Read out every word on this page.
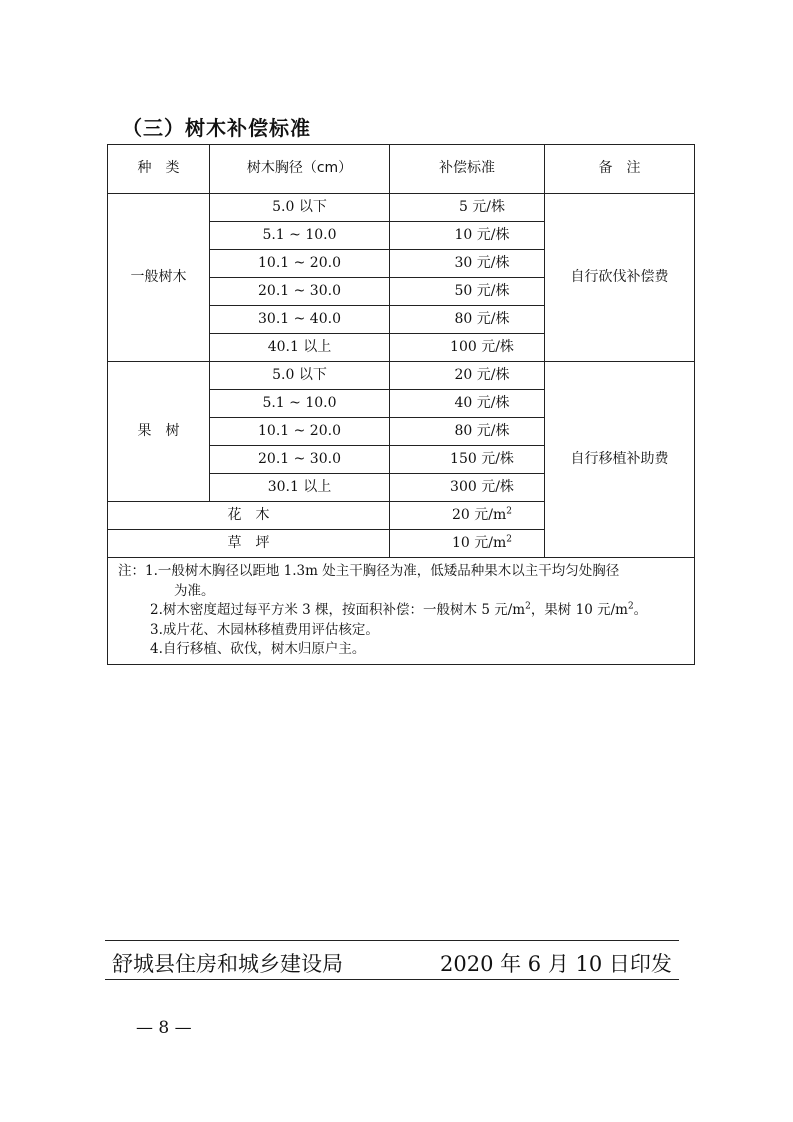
（三）树木补偿标准
种　类	树木胸径（cm）	补偿标准	备　注
一般树木	5.0 以下	5 元/株	自行砍伐补偿费
	5.1 ~ 10.0	10 元/株	
	10.1 ~ 20.0	30 元/株	
	20.1 ~ 30.0	50 元/株	
	30.1 ~ 40.0	80 元/株	
	40.1 以上	100 元/株	
果　树	5.0 以下	20 元/株	自行移植补助费
	5.1 ~ 10.0	40 元/株	
	10.1 ~ 20.0	80 元/株	
	20.1 ~ 30.0	150 元/株	
	30.1 以上	300 元/株	
花　木		20 元$/m^2$
草　坪		10 元$/m^2$

注：1.一般树木胸径以距地 1.3m 处主干胸径为准，低矮品种果木以主干均匀处胸径
为准。
2.树木密度超过每平方米 3 棵，按面积补偿：一般树木 5 元$/m^2$，果树 10 元$/m^2$。
3.成片花、木园林移植费用评估核定。
4.自行移植、砍伐，树木归原户主。			
舒城县住房和城乡建设局	2020 年 6 月 10 日印发
— 8 —
